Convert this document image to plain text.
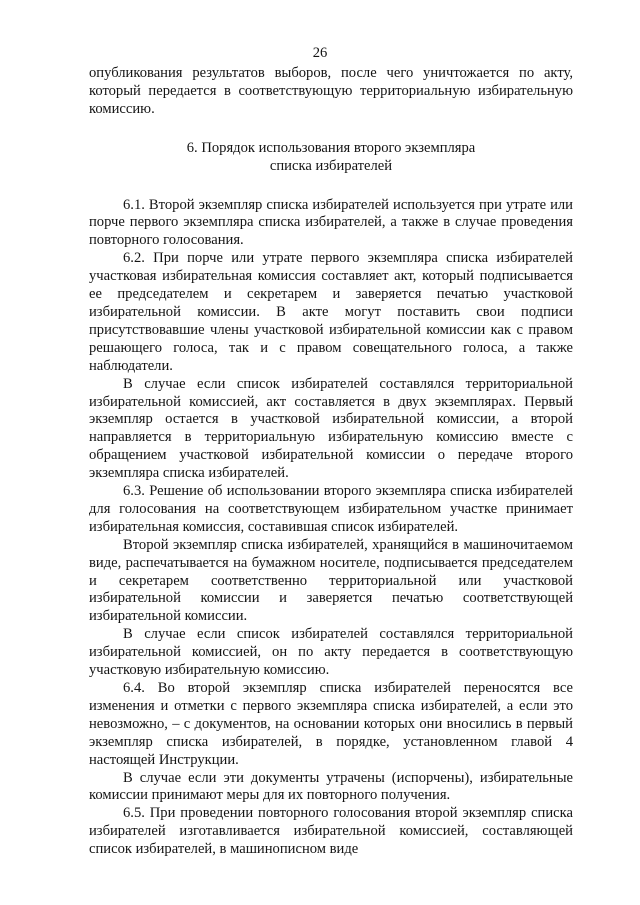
26

опубликования результатов выборов, после чего уничтожается по акту, который передается в соответствующую территориальную избирательную комиссию.

6. Порядок использования второго экземпляра
списка избирателей

6.1. Второй экземпляр списка избирателей используется при утрате или порче первого экземпляра списка избирателей, а также в случае проведения повторного голосования.

6.2. При порче или утрате первого экземпляра списка избирателей участковая избирательная комиссия составляет акт, который подписывается ее председателем и секретарем и заверяется печатью участковой избирательной комиссии. В акте могут поставить свои подписи присутствовавшие члены участковой избирательной комиссии как с правом решающего голоса, так и с правом совещательного голоса, а также наблюдатели.

В случае если список избирателей составлялся территориальной избирательной комиссией, акт составляется в двух экземплярах. Первый экземпляр остается в участковой избирательной комиссии, а второй направляется в территориальную избирательную комиссию вместе с обращением участковой избирательной комиссии о передаче второго экземпляра списка избирателей.

6.3. Решение об использовании второго экземпляра списка избирателей для голосования на соответствующем избирательном участке принимает избирательная комиссия, составившая список избирателей.

Второй экземпляр списка избирателей, хранящийся в машиночитаемом виде, распечатывается на бумажном носителе, подписывается председателем и секретарем соответственно территориальной или участковой избирательной комиссии и заверяется печатью соответствующей избирательной комиссии.

В случае если список избирателей составлялся территориальной избирательной комиссией, он по акту передается в соответствующую участковую избирательную комиссию.

6.4. Во второй экземпляр списка избирателей переносятся все изменения и отметки с первого экземпляра списка избирателей, а если это невозможно, – с документов, на основании которых они вносились в первый экземпляр списка избирателей, в порядке, установленном главой 4 настоящей Инструкции.

В случае если эти документы утрачены (испорчены), избирательные комиссии принимают меры для их повторного получения.

6.5. При проведении повторного голосования второй экземпляр списка избирателей изготавливается избирательной комиссией, составляющей список избирателей, в машинописном виде
